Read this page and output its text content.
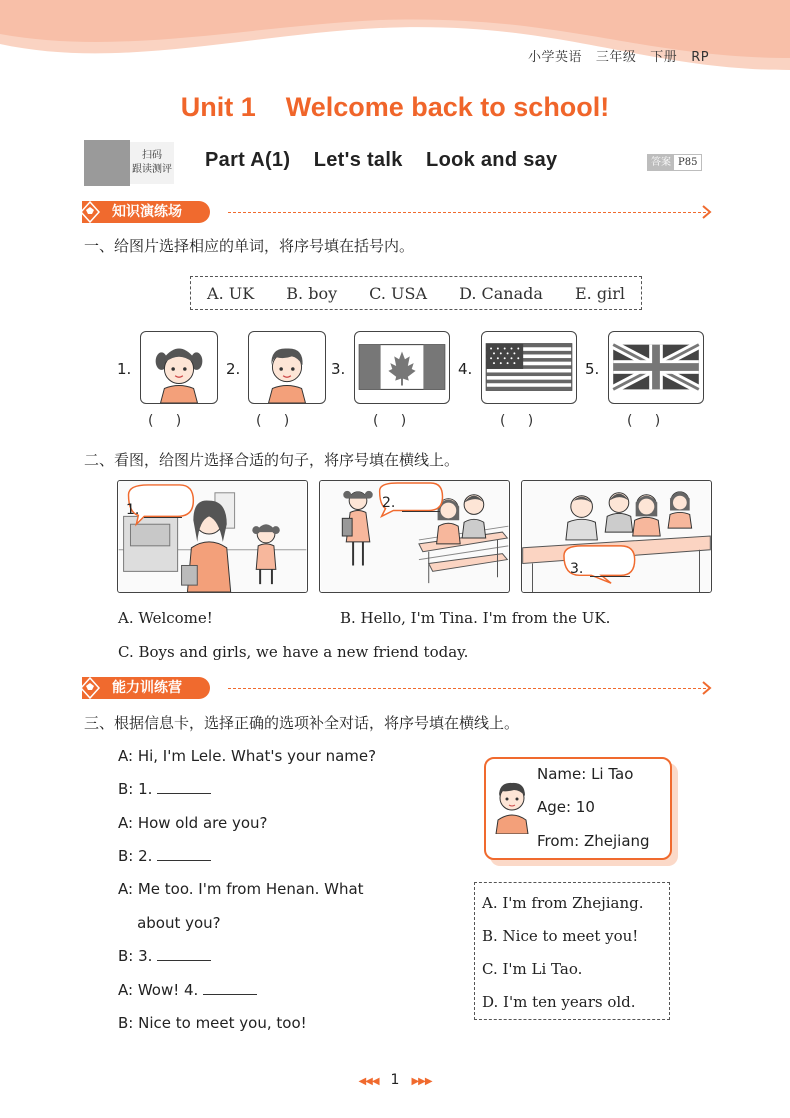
小学英语   三年级   下册   RP
Unit 1    Welcome back to school!
扫码
跟读测评 Part A(1)    Let's talk    Look and say	答案 P85
知识演练场
一、给图片选择相应的单词，将序号填在括号内。
A. UK B. boy C. USA D. Canada E. girl
1.
(     )
2.
(     )
3.
(     )
4.
(     )
5.
(     )
二、看图，给图片选择合适的句子，将序号填在横线上。
1.	2.
3.
A. Welcome!	B. Hello, I'm Tina. I'm from the UK.
C. Boys and girls, we have a new friend today.
能力训练营
三、根据信息卡，选择正确的选项补全对话，将序号填在横线上。
A: Hi, I'm Lele. What's your name?
B: 1.
A: How old are you?
B: 2.
A: Me too. I'm from Henan. What
about you?
B: 3.
A: Wow! 4.
B: Nice to meet you, too!
Name: Li Tao
Age: 10
From: Zhejiang
A. I'm from Zhejiang.
B. Nice to meet you!
C. I'm Li Tao.
D. I'm ten years old.
◀◀◀ 1 ▶▶▶
